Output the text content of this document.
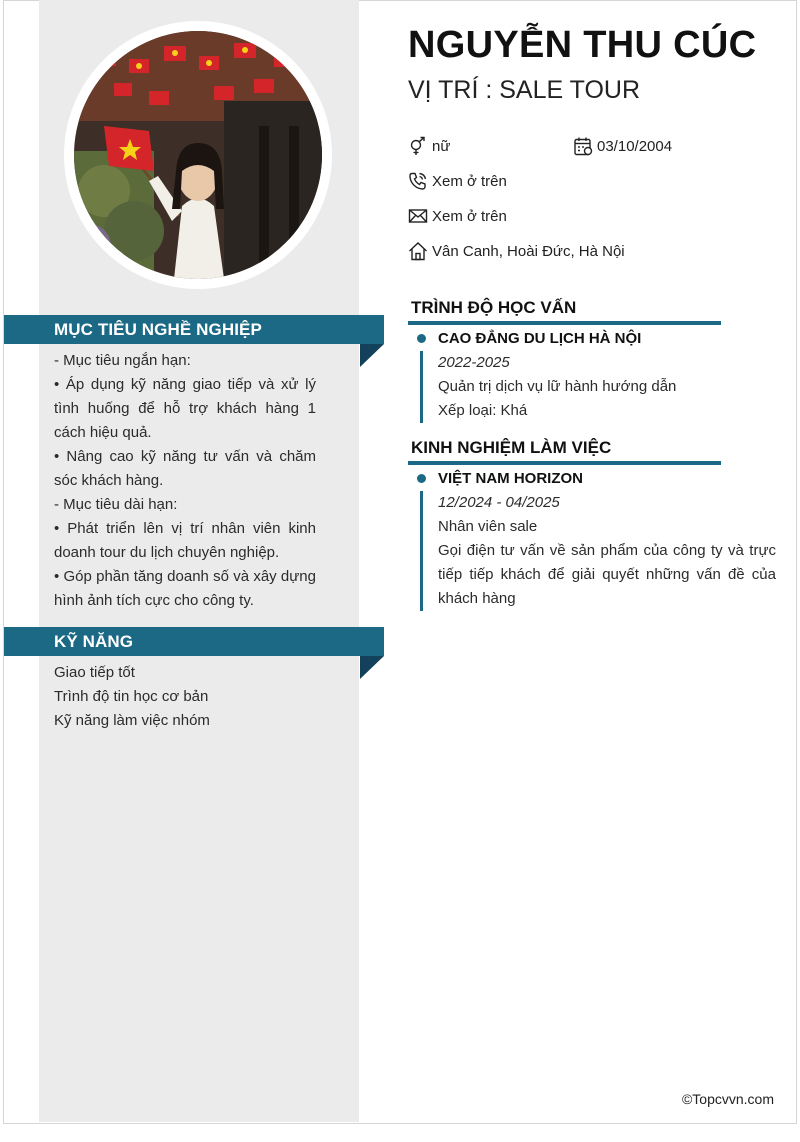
NGUYỄN THU CÚC
VỊ TRÍ : SALE TOUR
nữ	03/10/2004
Xem ở trên
Xem ở trên
Vân Canh, Hoài Đức, Hà Nội
MỤC TIÊU NGHỀ NGHIỆP

- Mục tiêu ngắn hạn:

• Áp dụng kỹ năng giao tiếp và xử lý tình huống để hỗ trợ khách hàng 1 cách hiệu quả.

• Nâng cao kỹ năng tư vấn và chăm sóc khách hàng.

- Mục tiêu dài hạn:

• Phát triển lên vị trí nhân viên kinh doanh tour du lịch chuyên nghiệp.

• Góp phần tăng doanh số và xây dựng hình ảnh tích cực cho công ty.

KỸ NĂNG

Giao tiếp tốt

Trình độ tin học cơ bản

Kỹ năng làm việc nhóm

TRÌNH ĐỘ HỌC VẤN
CAO ĐẲNG DU LỊCH HÀ NỘI
2022-2025
Quản trị dịch vụ lữ hành hướng dẫn
Xếp loại: Khá
KINH NGHIỆM LÀM VIỆC
VIỆT NAM HORIZON
12/2024 - 04/2025
Nhân viên sale
Gọi điện tư vấn về sản phẩm của công ty và trực tiếp tiếp khách để giải quyết những vấn đề của khách hàng
©Topcvvn.com
